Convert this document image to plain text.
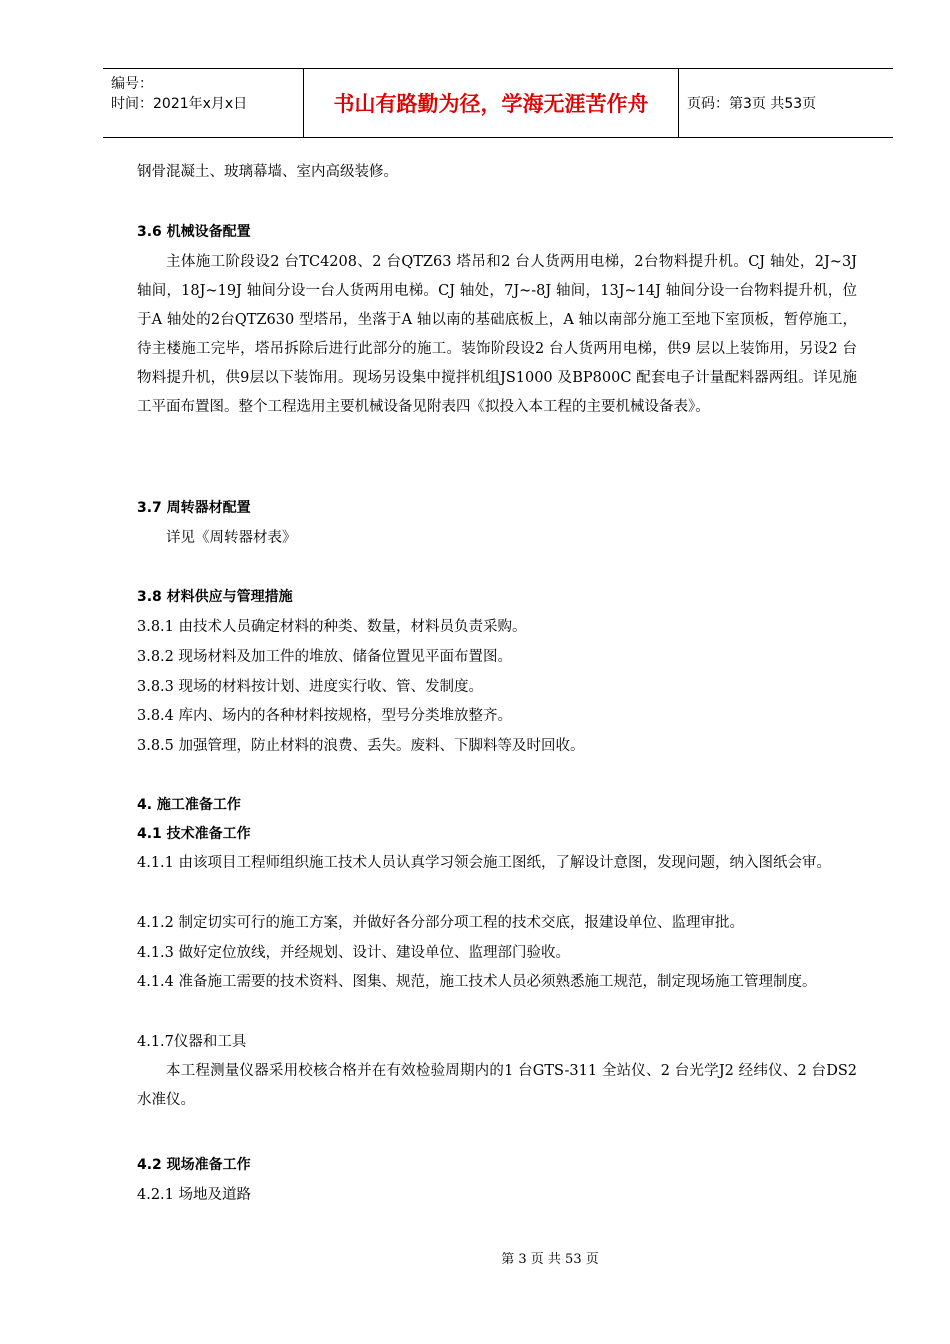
编号：
时间：2021年x月x日	书山有路勤为径，学海无涯苦作舟	页码：第3页 共53页
钢骨混凝土、玻璃幕墙、室内高级装修。
3.6 机械设备配置
主体施工阶段设2 台TC4208、2 台QTZ63 塔吊和2 台人货两用电梯，2台物料提升机。CJ 轴处，2J~3J 轴间，18J~19J 轴间分设一台人货两用电梯。CJ 轴处，7J~-8J 轴间，13J~14J 轴间分设一台物料提升机，位于A 轴处的2台QTZ630 型塔吊，坐落于A 轴以南的基础底板上，A 轴以南部分施工至地下室顶板，暂停施工，待主楼施工完毕，塔吊拆除后进行此部分的施工。装饰阶段设2 台人货两用电梯，供9 层以上装饰用，另设2 台物料提升机，供9层以下装饰用。现场另设集中搅拌机组JS1000 及BP800C 配套电子计量配料器两组。详见施工平面布置图。整个工程选用主要机械设备见附表四《拟投入本工程的主要机械设备表》。
3.7 周转器材配置
详见《周转器材表》
3.8 材料供应与管理措施
3.8.1 由技术人员确定材料的种类、数量，材料员负责采购。
3.8.2 现场材料及加工件的堆放、储备位置见平面布置图。
3.8.3 现场的材料按计划、进度实行收、管、发制度。
3.8.4 库内、场内的各种材料按规格，型号分类堆放整齐。
3.8.5 加强管理，防止材料的浪费、丢失。废料、下脚料等及时回收。
4. 施工准备工作
4.1 技术准备工作
4.1.1 由该项目工程师组织施工技术人员认真学习领会施工图纸，了解设计意图，发现问题，纳入图纸会审。
4.1.2 制定切实可行的施工方案，并做好各分部分项工程的技术交底，报建设单位、监理审批。
4.1.3 做好定位放线，并经规划、设计、建设单位、监理部门验收。
4.1.4 准备施工需要的技术资料、图集、规范，施工技术人员必须熟悉施工规范，制定现场施工管理制度。
4.1.7仪器和工具
本工程测量仪器采用校核合格并在有效检验周期内的1 台GTS-311 全站仪、2 台光学J2 经纬仪、2 台DS2 水准仪。
4.2 现场准备工作
4.2.1 场地及道路
第 3 页 共 53 页
